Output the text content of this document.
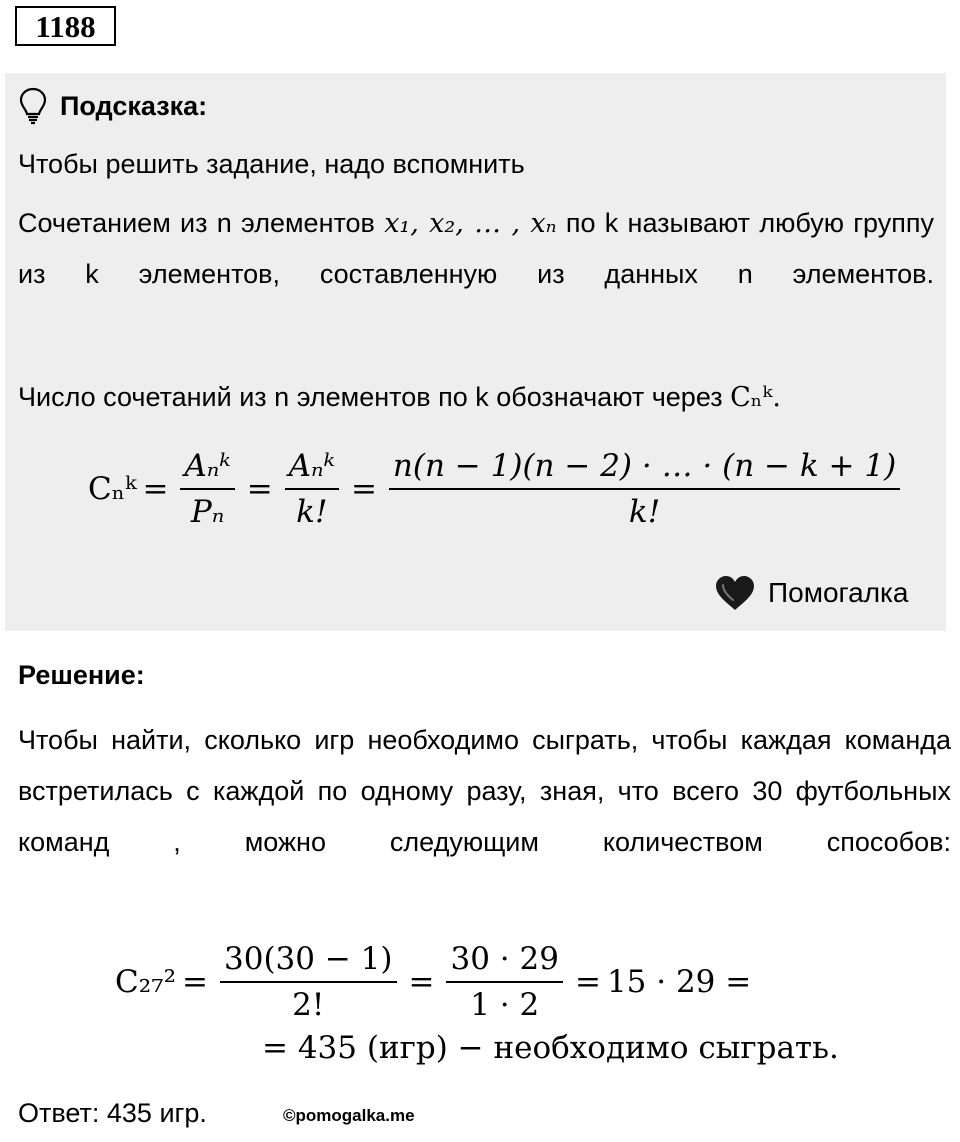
1188
Подсказка:
Чтобы решить задание, надо вспомнить
Сочетанием из n элементов x₁, x₂, … , xₙ по k называют любую группу из k элементов, составленную из данных n элементов.
Число сочетаний из n элементов по k обозначают через Cₙᵏ.
Cₙᵏ = $\frac{\text{Aₙᵏ}}{\text{Pₙ}} = \frac{\text{Aₙᵏ}}{k!} = \frac{n(n - 1)(n - 2) \cdot \dots \cdot (n - k + 1)}{k!}$
Помогалка
Решение:
Чтобы найти, сколько игр необходимо сыграть, чтобы каждая команда встретилась с каждой по одному разу, зная, что всего 30 футбольных команд , можно следующим количеством способов:
$C_{27}^2 = \frac{30(30 - 1)}{2!} = \frac{30 \cdot 29}{1 \cdot 2} = 15 \cdot 29$ =
= 435 (игр) − необходимо сыграть.
Ответ: 435 игр.	©pomogalka.me
